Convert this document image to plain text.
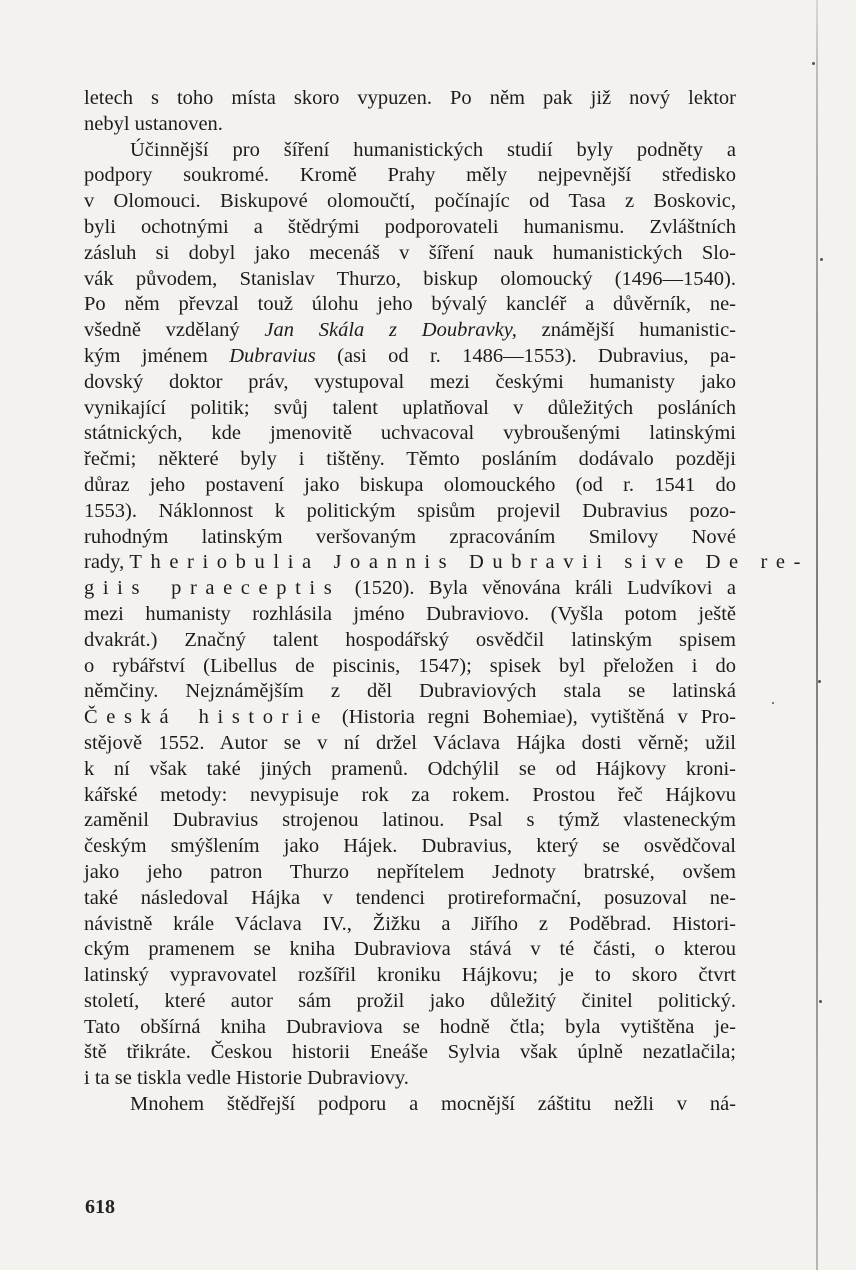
letech s toho místa skoro vypuzen. Po něm pak již nový lektor
nebyl ustanoven.
Účinnější pro šíření humanistických studií byly podněty a
podpory soukromé. Kromě Prahy měly nejpevnější středisko
v Olomouci. Biskupové olomoučtí, počínajíc od Tasa z Boskovic,
byli ochotnými a štědrými podporovateli humanismu. Zvláštních
zásluh si dobyl jako mecenáš v šíření nauk humanistických Slo-
vák původem, Stanislav Thurzo, biskup olomoucký (1496—1540).
Po něm převzal touž úlohu jeho bývalý kancléř a důvěrník, ne-
všedně vzdělaný Jan Skála z Doubravky, známější humanistic-
kým jménem Dubravius (asi od r. 1486—1553). Dubravius, pa-
dovský doktor práv, vystupoval mezi českými humanisty jako
vynikající politik; svůj talent uplatňoval v důležitých posláních
státnických, kde jmenovitě uchvacoval vybroušenými latinskými
řečmi; některé byly i tištěny. Těmto posláním dodávalo později
důraz jeho postavení jako biskupa olomouckého (od r. 1541 do
1553). Náklonnost k politickým spisům projevil Dubravius pozo-
ruhodným latinským veršovaným zpracováním Smilovy Nové
rady, Theriobulia Joannis Dubravii sive De re-
giis praeceptis (1520). Byla věnována králi Ludvíkovi a
mezi humanisty rozhlásila jméno Dubraviovo. (Vyšla potom ještě
dvakrát.) Značný talent hospodářský osvědčil latinským spisem
o rybářství (Libellus de piscinis, 1547); spisek byl přeložen i do
němčiny. Nejznámějším z děl Dubraviových stala se latinská
Česká historie (Historia regni Bohemiae), vytištěná v Pro-
stějově 1552. Autor se v ní držel Václava Hájka dosti věrně; užil
k ní však také jiných pramenů. Odchýlil se od Hájkovy kroni-
kářské metody: nevypisuje rok za rokem. Prostou řeč Hájkovu
zaměnil Dubravius strojenou latinou. Psal s týmž vlasteneckým
českým smýšlením jako Hájek. Dubravius, který se osvědčoval
jako jeho patron Thurzo nepřítelem Jednoty bratrské, ovšem
také následoval Hájka v tendenci protireformační, posuzoval ne-
návistně krále Václava IV., Žižku a Jiřího z Poděbrad. Histori-
ckým pramenem se kniha Dubraviova stává v té části, o kterou
latinský vypravovatel rozšířil kroniku Hájkovu; je to skoro čtvrt
století, které autor sám prožil jako důležitý činitel politický.
Tato obšírná kniha Dubraviova se hodně čtla; byla vytištěna je-
ště třikráte. Českou historii Eneáše Sylvia však úplně nezatlačila;
i ta se tiskla vedle Historie Dubraviovy.
Mnohem štědřejší podporu a mocnější záštitu nežli v ná-
618
